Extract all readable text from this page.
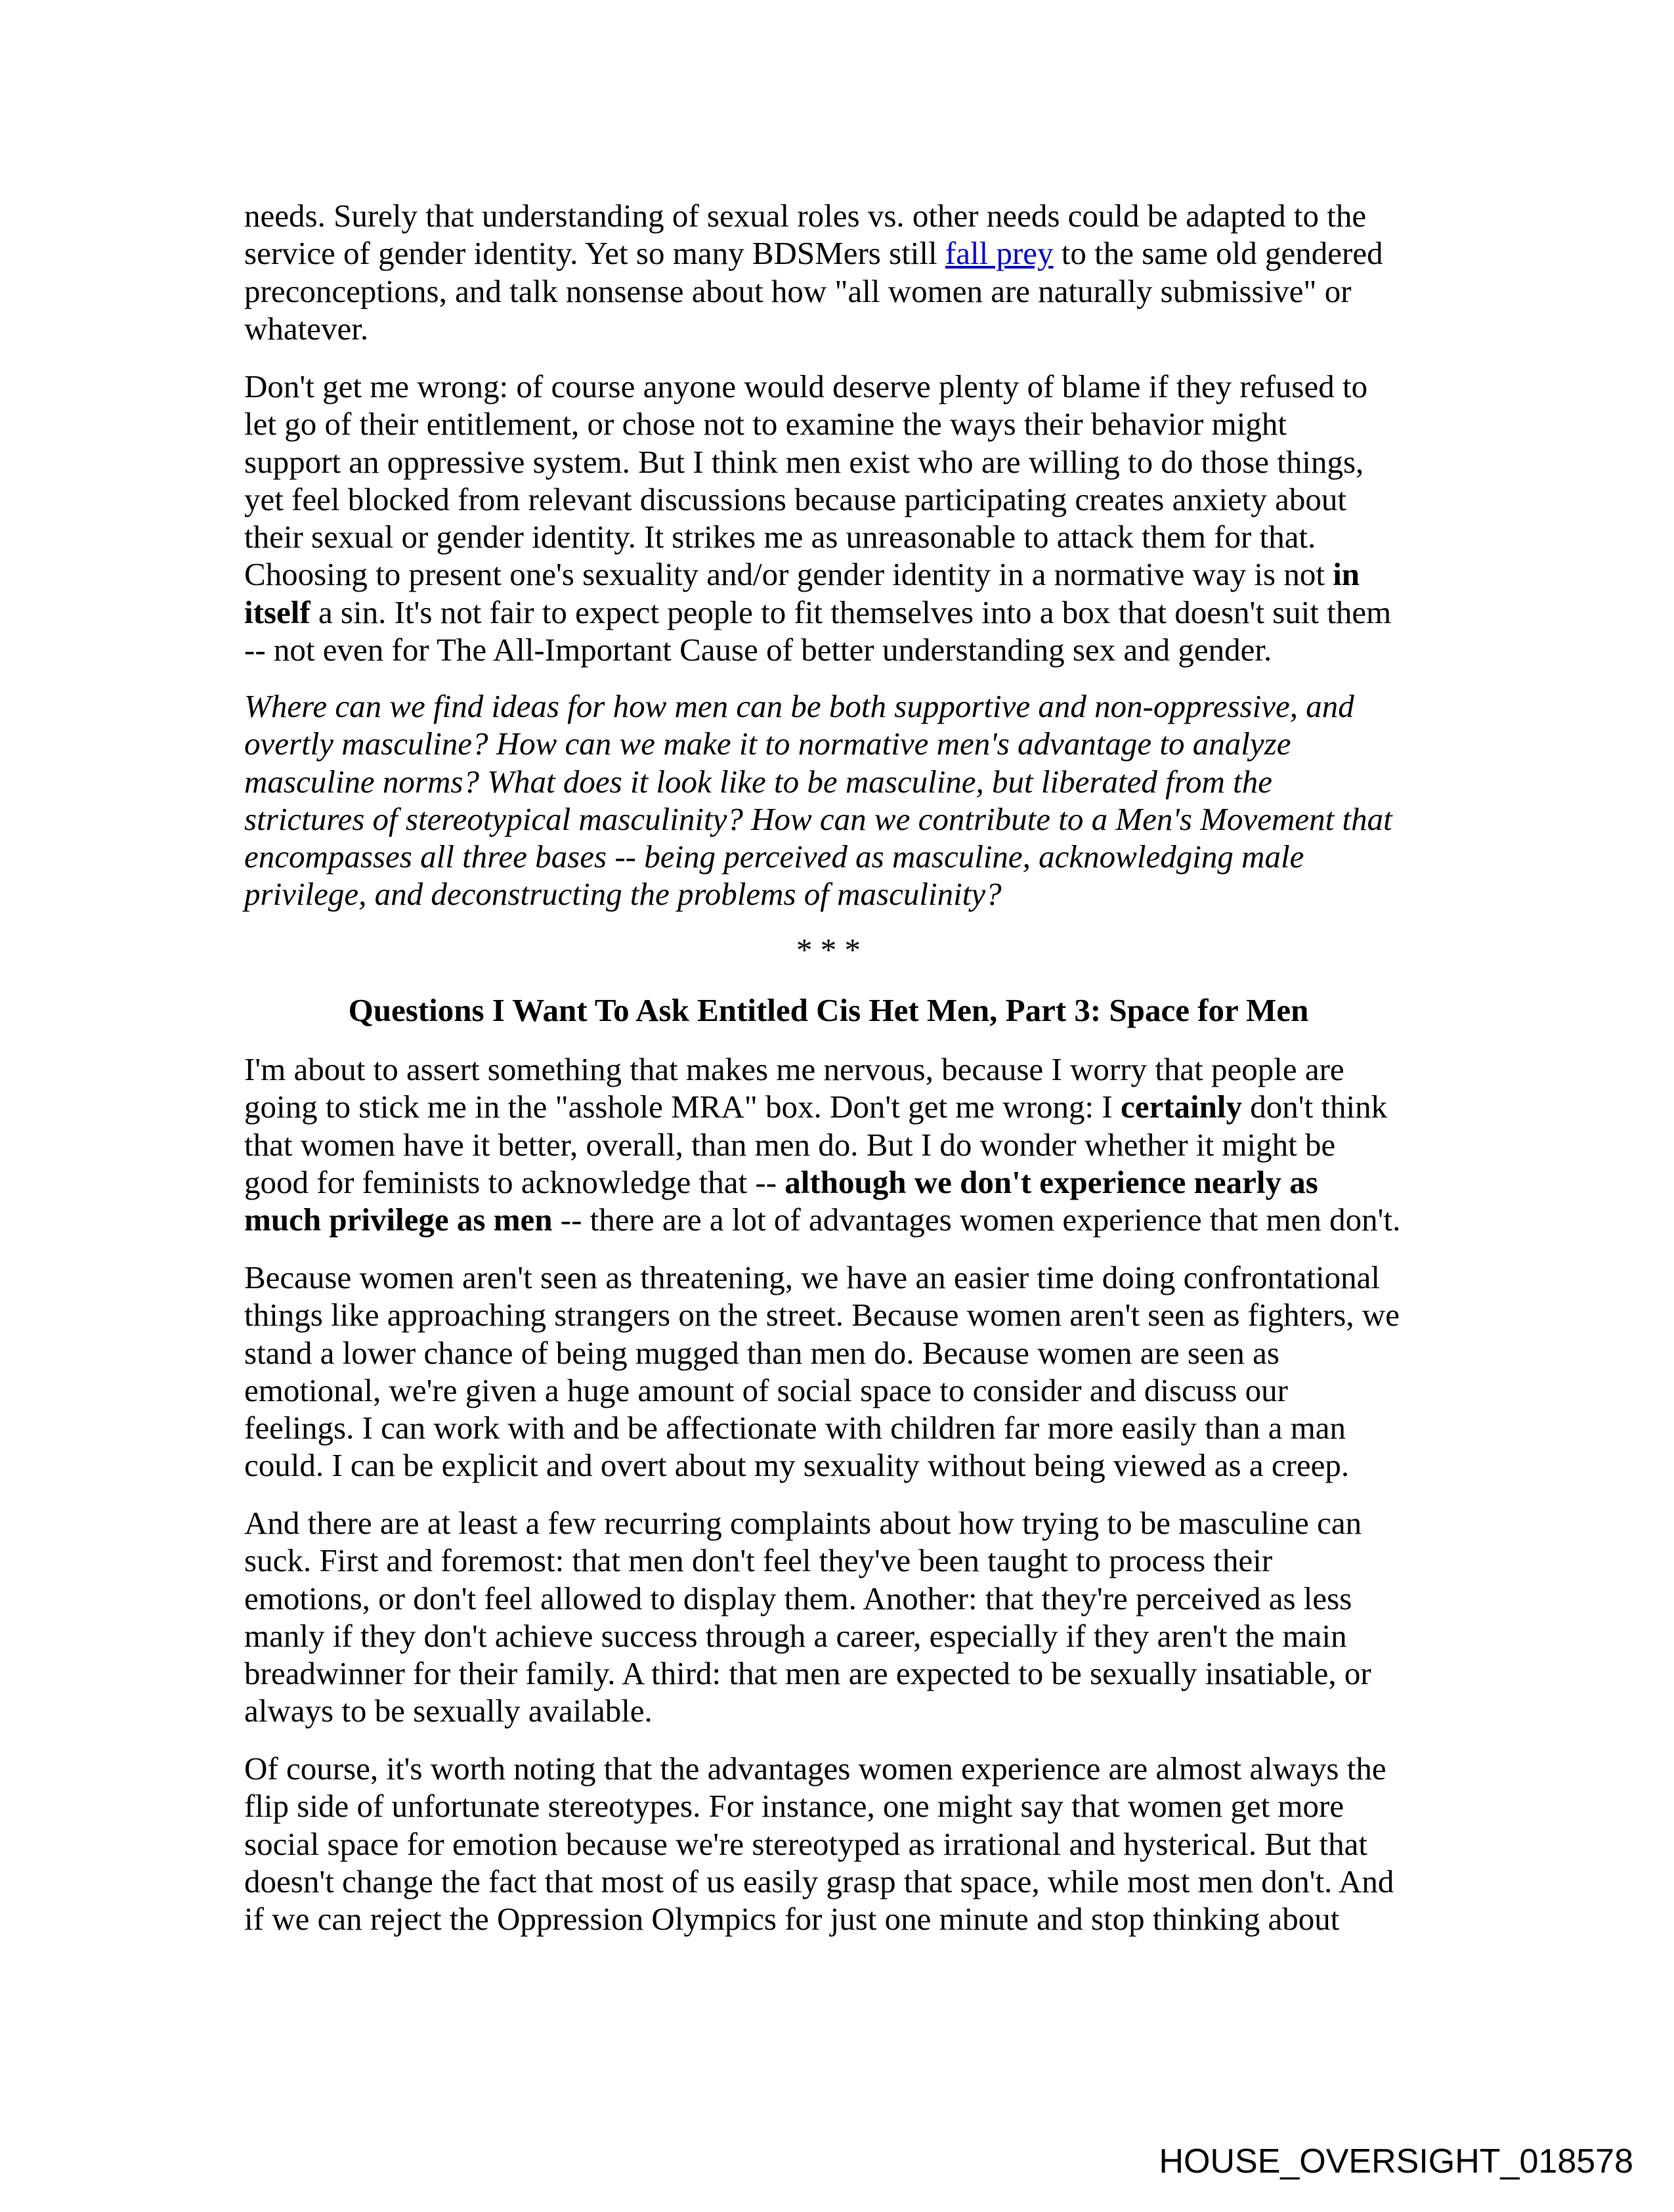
needs. Surely that understanding of sexual roles vs. other needs could be adapted to the
service of gender identity. Yet so many BDSMers still fall prey to the same old gendered
preconceptions, and talk nonsense about how "all women are naturally submissive" or
whatever.
Don't get me wrong: of course anyone would deserve plenty of blame if they refused to
let go of their entitlement, or chose not to examine the ways their behavior might
support an oppressive system. But I think men exist who are willing to do those things,
yet feel blocked from relevant discussions because participating creates anxiety about
their sexual or gender identity. It strikes me as unreasonable to attack them for that.
Choosing to present one's sexuality and/or gender identity in a normative way is not in
itself a sin. It's not fair to expect people to fit themselves into a box that doesn't suit them
-- not even for The All-Important Cause of better understanding sex and gender.
Where can we find ideas for how men can be both supportive and non-oppressive, and
overtly masculine? How can we make it to normative men's advantage to analyze
masculine norms? What does it look like to be masculine, but liberated from the
strictures of stereotypical masculinity? How can we contribute to a Men's Movement that
encompasses all three bases -- being perceived as masculine, acknowledging male
privilege, and deconstructing the problems of masculinity?
* * *
Questions I Want To Ask Entitled Cis Het Men, Part 3: Space for Men
I'm about to assert something that makes me nervous, because I worry that people are
going to stick me in the "asshole MRA" box. Don't get me wrong: I certainly don't think
that women have it better, overall, than men do. But I do wonder whether it might be
good for feminists to acknowledge that -- although we don't experience nearly as
much privilege as men -- there are a lot of advantages women experience that men don't.
Because women aren't seen as threatening, we have an easier time doing confrontational
things like approaching strangers on the street. Because women aren't seen as fighters, we
stand a lower chance of being mugged than men do. Because women are seen as
emotional, we're given a huge amount of social space to consider and discuss our
feelings. I can work with and be affectionate with children far more easily than a man
could. I can be explicit and overt about my sexuality without being viewed as a creep.
And there are at least a few recurring complaints about how trying to be masculine can
suck. First and foremost: that men don't feel they've been taught to process their
emotions, or don't feel allowed to display them. Another: that they're perceived as less
manly if they don't achieve success through a career, especially if they aren't the main
breadwinner for their family. A third: that men are expected to be sexually insatiable, or
always to be sexually available.
Of course, it's worth noting that the advantages women experience are almost always the
flip side of unfortunate stereotypes. For instance, one might say that women get more
social space for emotion because we're stereotyped as irrational and hysterical. But that
doesn't change the fact that most of us easily grasp that space, while most men don't. And
if we can reject the Oppression Olympics for just one minute and stop thinking about
HOUSE_OVERSIGHT_018578
